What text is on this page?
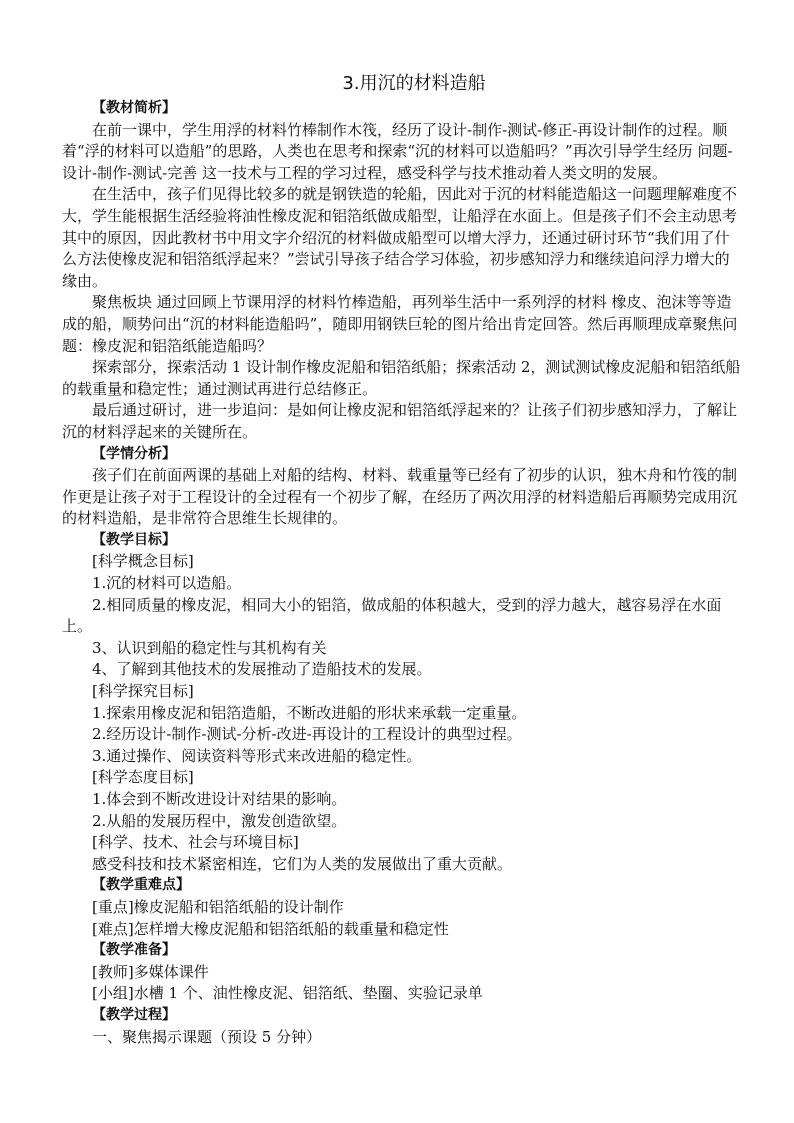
3.用沉的材料造船

【教材简析】

在前一课中，学生用浮的材料竹棒制作木筏，经历了设计-制作-测试-修正-再设计制作的过程。顺着“浮的材料可以造船”的思路，人类也在思考和探索“沉的材料可以造船吗？”再次引导学生经历 问题-设计-制作-测试-完善 这一技术与工程的学习过程，感受科学与技术推动着人类文明的发展。

在生活中，孩子们见得比较多的就是钢铁造的轮船，因此对于沉的材料能造船这一问题理解难度不大，学生能根据生活经验将油性橡皮泥和铝箔纸做成船型，让船浮在水面上。但是孩子们不会主动思考其中的原因，因此教材书中用文字介绍沉的材料做成船型可以增大浮力，还通过研讨环节“我们用了什么方法使橡皮泥和铝箔纸浮起来？”尝试引导孩子结合学习体验，初步感知浮力和继续追问浮力增大的缘由。

聚焦板块 通过回顾上节课用浮的材料竹棒造船，再列举生活中一系列浮的材料 橡皮、泡沫等等造成的船，顺势问出“沉的材料能造船吗”，随即用钢铁巨轮的图片给出肯定回答。然后再顺理成章聚焦问题：橡皮泥和铝箔纸能造船吗？

探索部分，探索活动 1 设计制作橡皮泥船和铝箔纸船；探索活动 2，测试测试橡皮泥船和铝箔纸船的载重量和稳定性；通过测试再进行总结修正。

最后通过研讨，进一步追问：是如何让橡皮泥和铝箔纸浮起来的？让孩子们初步感知浮力，了解让沉的材料浮起来的关键所在。

【学情分析】

孩子们在前面两课的基础上对船的结构、材料、载重量等已经有了初步的认识，独木舟和竹筏的制作更是让孩子对于工程设计的全过程有一个初步了解，在经历了两次用浮的材料造船后再顺势完成用沉的材料造船，是非常符合思维生长规律的。

【教学目标】

[科学概念目标]

1.沉的材料可以造船。

2.相同质量的橡皮泥，相同大小的铝箔，做成船的体积越大，受到的浮力越大，越容易浮在水面上。

3、认识到船的稳定性与其机构有关

4、了解到其他技术的发展推动了造船技术的发展。

[科学探究目标]

1.探索用橡皮泥和铝箔造船，不断改进船的形状来承载一定重量。

2.经历设计-制作-测试-分析-改进-再设计的工程设计的典型过程。

3.通过操作、阅读资料等形式来改进船的稳定性。

[科学态度目标]

1.体会到不断改进设计对结果的影响。

2.从船的发展历程中，激发创造欲望。

[科学、技术、社会与环境目标]

感受科技和技术紧密相连，它们为人类的发展做出了重大贡献。

【教学重难点】

[重点]橡皮泥船和铝箔纸船的设计制作

[难点]怎样增大橡皮泥船和铝箔纸船的载重量和稳定性

【教学准备】

[教师]多媒体课件

[小组]水槽 1 个、油性橡皮泥、铝箔纸、垫圈、实验记录单

【教学过程】

一、聚焦揭示课题（预设 5 分钟）
